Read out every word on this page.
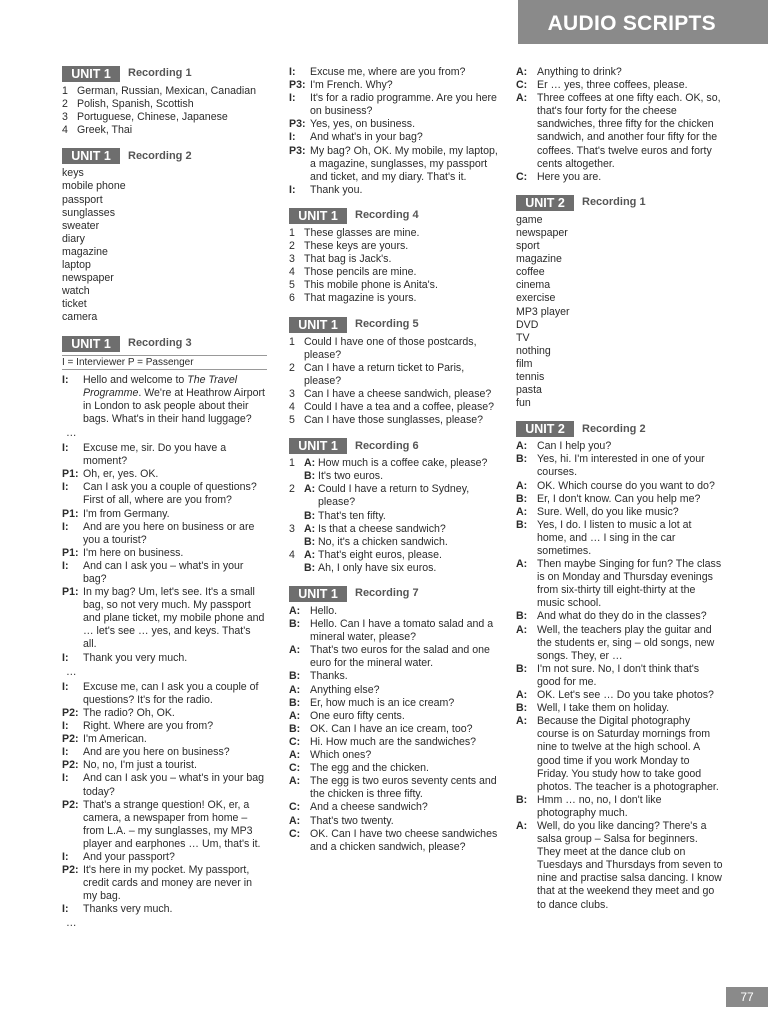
AUDIO SCRIPTS
UNIT 1	Recording 1
1 German, Russian, Mexican, Canadian
2 Polish, Spanish, Scottish
3 Portuguese, Chinese, Japanese
4 Greek, Thai
UNIT 1	Recording 2
keys
mobile phone
passport
sunglasses
sweater
diary
magazine
laptop
newspaper
watch
ticket
camera
UNIT 1	Recording 3
I = Interviewer P = Passenger
I:	Hello and welcome to The Travel Programme. We're at Heathrow Airport in London to ask people about their bags. What's in their hand luggage?
…
I:	Excuse me, sir. Do you have a moment?
P1: Oh, er, yes. OK.
I:	Can I ask you a couple of questions? First of all, where are you from?
P1: I'm from Germany.
I:	And are you here on business or are you a tourist?
P1: I'm here on business.
I:	And can I ask you – what's in your bag?
P1: In my bag? Um, let's see. It's a small bag, so not very much. My passport and plane ticket, my mobile phone and … let's see … yes, and keys. That's all.
I:	Thank you very much.
…
I:	Excuse me, can I ask you a couple of questions? It's for the radio.
P2: The radio? Oh, OK.
I:	Right. Where are you from?
P2: I'm American.
I:	And are you here on business?
P2: No, no, I'm just a tourist.
I:	And can I ask you – what's in your bag today?
P2: That's a strange question! OK, er, a camera, a newspaper from home – from L.A. – my sunglasses, my MP3 player and earphones … Um, that's it.
I:	And your passport?
P2: It's here in my pocket. My passport, credit cards and money are never in my bag.
I:	Thanks very much.
…
I:	Excuse me, where are you from?
P3: I'm French. Why?
I:	It's for a radio programme. Are you here on business?
P3: Yes, yes, on business.
I:	And what's in your bag?
P3: My bag? Oh, OK. My mobile, my laptop, a magazine, sunglasses, my passport and ticket, and my diary. That's it.
I:	Thank you.
UNIT 1	Recording 4
1 These glasses are mine.
2 These keys are yours.
3 That bag is Jack's.
4 Those pencils are mine.
5 This mobile phone is Anita's.
6 That magazine is yours.
UNIT 1	Recording 5
1 Could I have one of those postcards, please?
2 Can I have a return ticket to Paris, please?
3 Can I have a cheese sandwich, please?
4 Could I have a tea and a coffee, please?
5 Can I have those sunglasses, please?
UNIT 1	Recording 6
1 A: How much is a coffee cake, please?
B: It's two euros.
2 A: Could I have a return to Sydney, please?
B: That's ten fifty.
3 A: Is that a cheese sandwich?
B: No, it's a chicken sandwich.
4 A: That's eight euros, please.
B: Ah, I only have six euros.
UNIT 1	Recording 7
A: Hello.
B: Hello. Can I have a tomato salad and a mineral water, please?
A: That's two euros for the salad and one euro for the mineral water.
B: Thanks.
A: Anything else?
B: Er, how much is an ice cream?
A: One euro fifty cents.
B: OK. Can I have an ice cream, too?
C: Hi. How much are the sandwiches?
A: Which ones?
C: The egg and the chicken.
A: The egg is two euros seventy cents and the chicken is three fifty.
C: And a cheese sandwich?
A: That's two twenty.
C: OK. Can I have two cheese sandwiches and a chicken sandwich, please?
A: Anything to drink?
C: Er … yes, three coffees, please.
A: Three coffees at one fifty each. OK, so, that's four forty for the cheese sandwiches, three fifty for the chicken sandwich, and another four fifty for the coffees. That's twelve euros and forty cents altogether.
C: Here you are.
UNIT 2	Recording 1
game
newspaper
sport
magazine
coffee
cinema
exercise
MP3 player
DVD
TV
nothing
film
tennis
pasta
fun
UNIT 2	Recording 2
A: Can I help you?
B: Yes, hi. I'm interested in one of your courses.
A: OK. Which course do you want to do?
B: Er, I don't know. Can you help me?
A: Sure. Well, do you like music?
B: Yes, I do. I listen to music a lot at home, and … I sing in the car sometimes.
A: Then maybe Singing for fun? The class is on Monday and Thursday evenings from six-thirty till eight-thirty at the music school.
B: And what do they do in the classes?
A: Well, the teachers play the guitar and the students er, sing – old songs, new songs. They, er …
B: I'm not sure. No, I don't think that's good for me.
A: OK. Let's see … Do you take photos?
B: Well, I take them on holiday.
A: Because the Digital photography course is on Saturday mornings from nine to twelve at the high school. A good time if you work Monday to Friday. You study how to take good photos. The teacher is a photographer.
B: Hmm … no, no, I don't like photography much.
A: Well, do you like dancing? There's a salsa group – Salsa for beginners. They meet at the dance club on Tuesdays and Thursdays from seven to nine and practise salsa dancing. I know that at the weekend they meet and go to dance clubs.
77
